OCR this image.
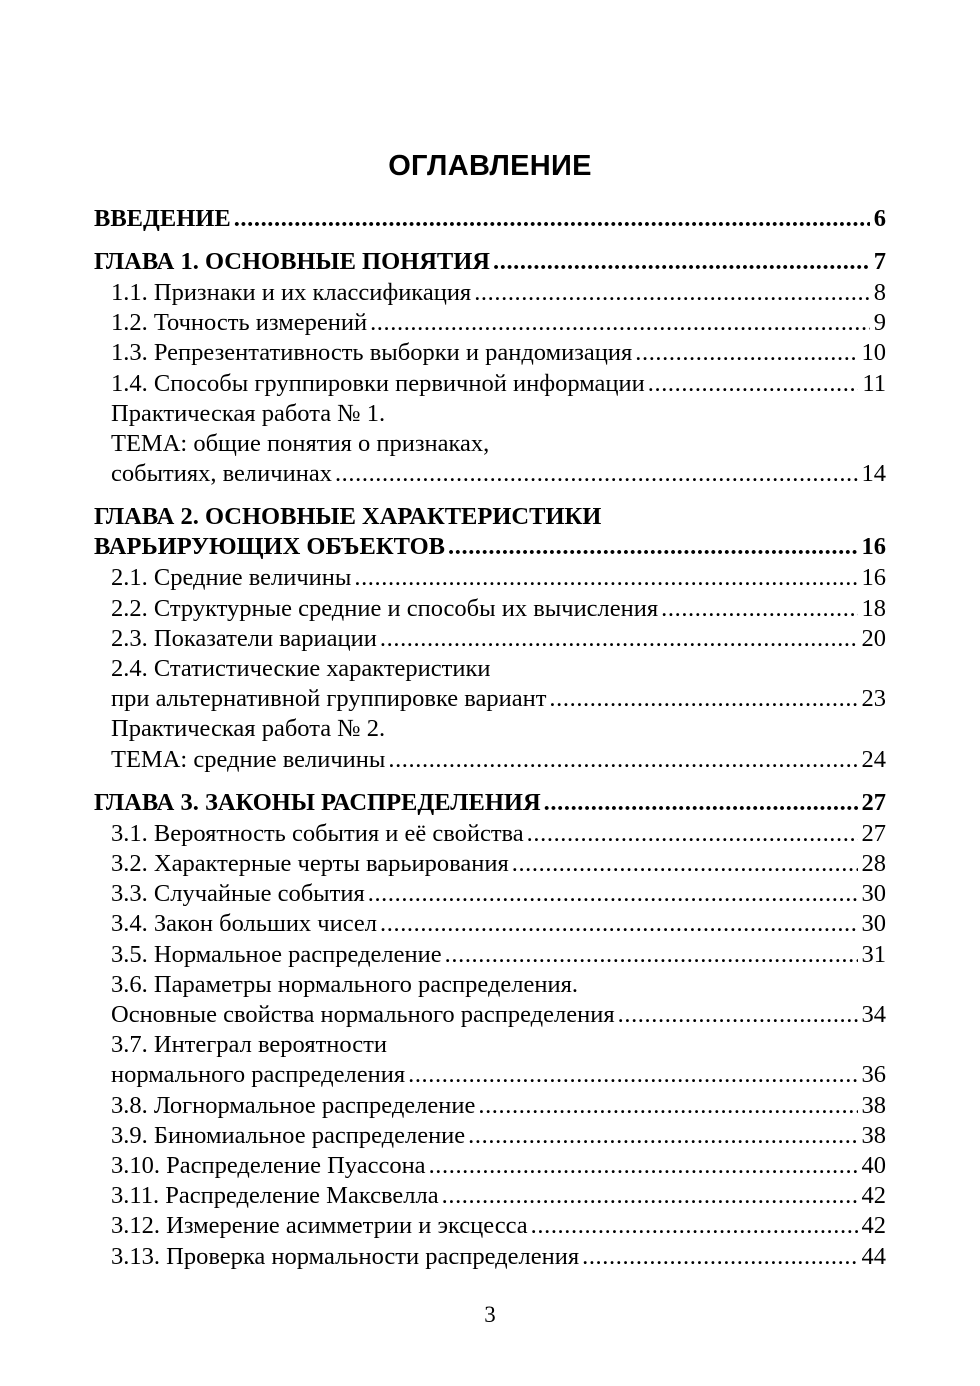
ОГЛАВЛЕНИЕ
ВВЕДЕНИЕ .....	6
ГЛАВА 1. ОСНОВНЫЕ ПОНЯТИЯ .....	7
1.1. Признаки и их классификация .....	8
1.2. Точность измерений .....	9
1.3. Репрезентативность выборки и рандомизация .....	10
1.4. Способы группировки первичной информации .....	11
Практическая работа № 1.
ТЕМА: общие понятия о признаках,
событиях, величинах .....	14
ГЛАВА 2. ОСНОВНЫЕ ХАРАКТЕРИСТИКИ
ВАРЬИРУЮЩИХ ОБЪЕКТОВ .....	16
2.1. Средние величины .....	16
2.2. Структурные средние и способы их вычисления .....	18
2.3. Показатели вариации .....	20
2.4. Статистические характеристики
при альтернативной группировке вариант .....	23
Практическая работа № 2.
ТЕМА: средние величины .....	24
ГЛАВА 3. ЗАКОНЫ РАСПРЕДЕЛЕНИЯ .....	27
3.1. Вероятность события и её свойства .....	27
3.2. Характерные черты варьирования .....	28
3.3. Случайные события .....	30
3.4. Закон больших чисел .....	30
3.5. Нормальное распределение .....	31
3.6. Параметры нормального распределения.
Основные свойства нормального распределения .....	34
3.7. Интеграл вероятности
нормального распределения .....	36
3.8. Логнормальное распределение .....	38
3.9. Биномиальное распределение .....	38
3.10. Распределение Пуассона .....	40
3.11. Распределение Максвелла .....	42
3.12. Измерение асимметрии и эксцесса .....	42
3.13. Проверка нормальности распределения .....	44
3
